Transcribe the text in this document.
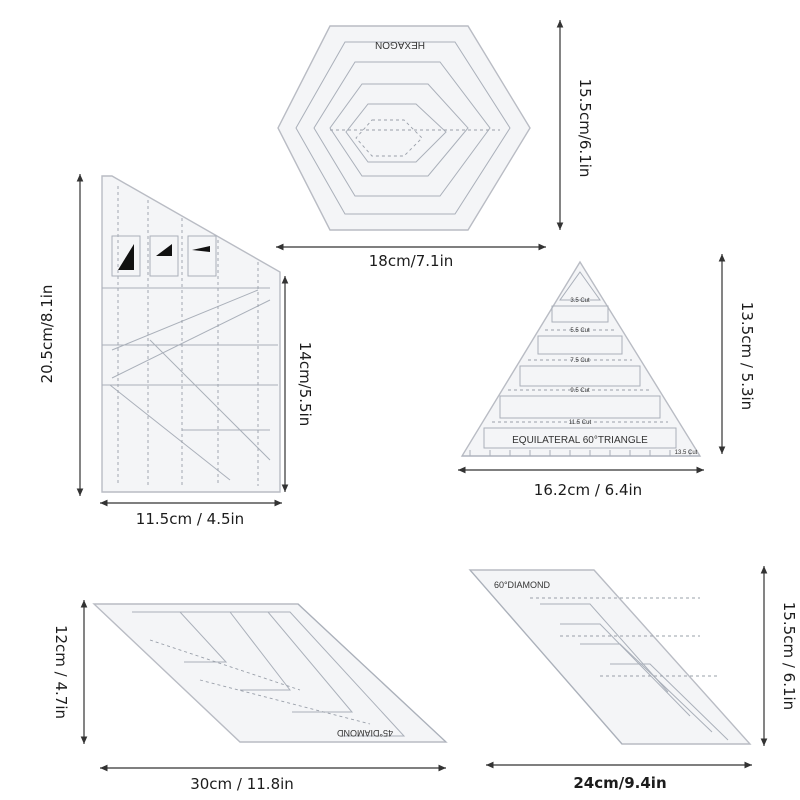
HEXAGON
18cm/7.1in
15.5cm/6.1in
20.5cm/8.1in
14cm/5.5in
11.5cm / 4.5in
3.5 Cut
5.5 Cut
7.5 Cut
9.5 Cut
11.5 Cut
13.5 Cut
EQUILATERAL 60°TRIANGLE
13.5cm / 5.3in
16.2cm / 6.4in
45°DIAMOND
12cm / 4.7in
30cm / 11.8in
60°DIAMOND
15.5cm / 6.1in
24cm/9.4in
